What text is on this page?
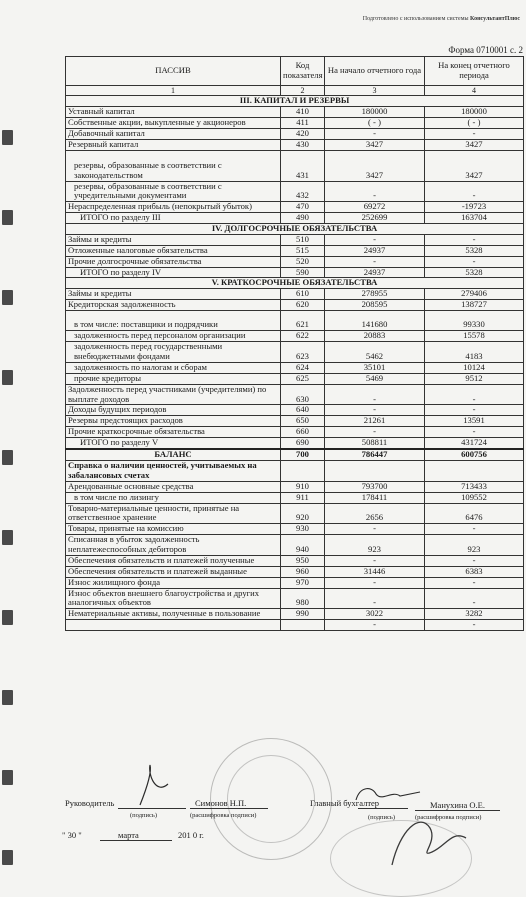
Подготовлено с использованием системы КонсультантПлюс
Форма 0710001 с. 2
ПАССИВ	Код показателя	На начало отчетного года	На конец отчетного периода
1	2	3	4
III. КАПИТАЛ И РЕЗЕРВЫ			
Уставный капитал	410	180000	180000
Собственные акции, выкупленные у акционеров	411	( - )	( - )
Добавочный капитал	420	-	-
Резервный капитал	430	3427	3427
резервы, образованные в соответствии с законодательством	431	3427	3427
резервы, образованные в соответствии с учредительными документами	432	-	-
Нераспределенная прибыль (непокрытый убыток)	470	69272	-19723
ИТОГО по разделу III	490	252699	163704
IV. ДОЛГОСРОЧНЫЕ ОБЯЗАТЕЛЬСТВА			
Займы и кредиты	510	-	-
Отложенные налоговые обязательства	515	24937	5328
Прочие долгосрочные обязательства	520	-	-
ИТОГО по разделу IV	590	24937	5328
V. КРАТКОСРОЧНЫЕ ОБЯЗАТЕЛЬСТВА			
Займы и кредиты	610	278955	279406
Кредиторская задолженность	620	208595	138727
в том числе: поставщики и подрядчики	621	141680	99330
задолженность перед персоналом организации	622	20883	15578
задолженность перед государственными внебюджетными фондами	623	5462	4183
задолженность по налогам и сборам	624	35101	10124
прочие кредиторы	625	5469	9512
Задолженность перед участниками (учредителями) по выплате доходов	630	-	-
Доходы будущих периодов	640	-	-
Резервы предстоящих расходов	650	21261	13591
Прочие краткосрочные обязательства	660	-	-
ИТОГО по разделу V	690	508811	431724
БАЛАНС	700	786447	600756
Справка о наличии ценностей, учитываемых на забалансовых счетах			
Арендованные основные средства	910	793700	713433
в том числе по лизингу	911	178411	109552
Товарно-материальные ценности, принятые на ответственное хранение	920	2656	6476
Товары, принятые на комиссию	930	-	-
Списанная в убыток задолженность неплатежеспособных дебиторов	940	923	923
Обеспечения обязательств и платежей полученные	950	-	-
Обеспечения обязательств и платежей выданные	960	31446	6383
Износ жилищного фонда	970	-	-
Износ объектов внешнего благоустройства и других аналогичных объектов	980	-	-
Нематериальные активы, полученные в пользование	990	3022	3282
		-	-
Руководитель	Симонов Н.П.
(подпись)	(расшифровка подписи)
Главный бухгалтер	Манухина О.Е.
(подпись)	(расшифровка подписи)
" 30 "	марта	201 0 г.
